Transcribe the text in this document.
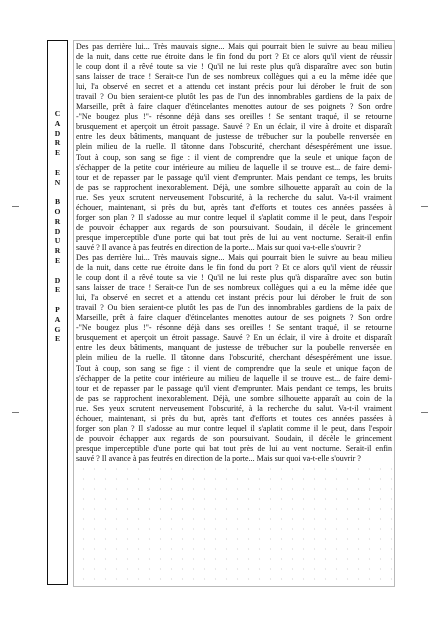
C
A
D
R
E
E
N
B
O
R
D
U
R
E
D
E
P
A
G
E
Des pas derrière lui... Très mauvais signe... Mais qui pourrait bien le suivre au beau milieu
de la nuit, dans cette rue étroite dans le fin fond du port ? Et ce alors qu'il vient de réussir
le coup dont il a rêvé toute sa vie ! Qu'il ne lui reste plus qu'à disparaître avec son butin
sans laisser de trace ! Serait-ce l'un de ses nombreux collègues qui a eu la même idée que
lui, l'a observé en secret et a attendu cet instant précis pour lui dérober le fruit de son
travail ? Ou bien seraient-ce plutôt les pas de l'un des innombrables gardiens de la paix de
Marseille, prêt à faire claquer d'étincelantes menottes autour de ses poignets ? Son ordre
-"Ne bougez plus !"- résonne déjà dans ses oreilles ! Se sentant traqué, il se retourne
brusquement et aperçoit un étroit passage. Sauvé ? En un éclair, il vire à droite et disparaît
entre les deux bâtiments, manquant de justesse de trébucher sur la poubelle renversée en
plein milieu de la ruelle. Il tâtonne dans l'obscurité, cherchant désespérément une issue.
Tout à coup, son sang se fige : il vient de comprendre que la seule et unique façon de
s'échapper de la petite cour intérieure au milieu de laquelle il se trouve est... de faire demi-
tour et de repasser par le passage qu'il vient d'emprunter. Mais pendant ce temps, les bruits
de pas se rapprochent inexorablement. Déjà, une sombre silhouette apparaît au coin de la
rue. Ses yeux scrutent nerveusement l'obscurité, à la recherche du salut. Va-t-il vraiment
échouer, maintenant, si près du but, après tant d'efforts et toutes ces années passées à
forger son plan ? Il s'adosse au mur contre lequel il s'aplatit comme il le peut, dans l'espoir
de pouvoir échapper aux regards de son poursuivant. Soudain, il décèle le grincement
presque imperceptible d'une porte qui bat tout près de lui au vent nocturne. Serait-il enfin
sauvé ? Il avance à pas feutrés en direction de la porte... Mais sur quoi va-t-elle s'ouvrir ?
Des pas derrière lui... Très mauvais signe... Mais qui pourrait bien le suivre au beau milieu
de la nuit, dans cette rue étroite dans le fin fond du port ? Et ce alors qu'il vient de réussir
le coup dont il a rêvé toute sa vie ! Qu'il ne lui reste plus qu'à disparaître avec son butin
sans laisser de trace ! Serait-ce l'un de ses nombreux collègues qui a eu la même idée que
lui, l'a observé en secret et a attendu cet instant précis pour lui dérober le fruit de son
travail ? Ou bien seraient-ce plutôt les pas de l'un des innombrables gardiens de la paix de
Marseille, prêt à faire claquer d'étincelantes menottes autour de ses poignets ? Son ordre
-"Ne bougez plus !"- résonne déjà dans ses oreilles ! Se sentant traqué, il se retourne
brusquement et aperçoit un étroit passage. Sauvé ? En un éclair, il vire à droite et disparaît
entre les deux bâtiments, manquant de justesse de trébucher sur la poubelle renversée en
plein milieu de la ruelle. Il tâtonne dans l'obscurité, cherchant désespérément une issue.
Tout à coup, son sang se fige : il vient de comprendre que la seule et unique façon de
s'échapper de la petite cour intérieure au milieu de laquelle il se trouve est... de faire demi-
tour et de repasser par le passage qu'il vient d'emprunter. Mais pendant ce temps, les bruits
de pas se rapprochent inexorablement. Déjà, une sombre silhouette apparaît au coin de la
rue. Ses yeux scrutent nerveusement l'obscurité, à la recherche du salut. Va-t-il vraiment
échouer, maintenant, si près du but, après tant d'efforts et toutes ces années passées à
forger son plan ? Il s'adosse au mur contre lequel il s'aplatit comme il le peut, dans l'espoir
de pouvoir échapper aux regards de son poursuivant. Soudain, il décèle le grincement
presque imperceptible d'une porte qui bat tout près de lui au vent nocturne. Serait-il enfin
sauvé ? Il avance à pas feutrés en direction de la porte... Mais sur quoi va-t-elle s'ouvrir ?
